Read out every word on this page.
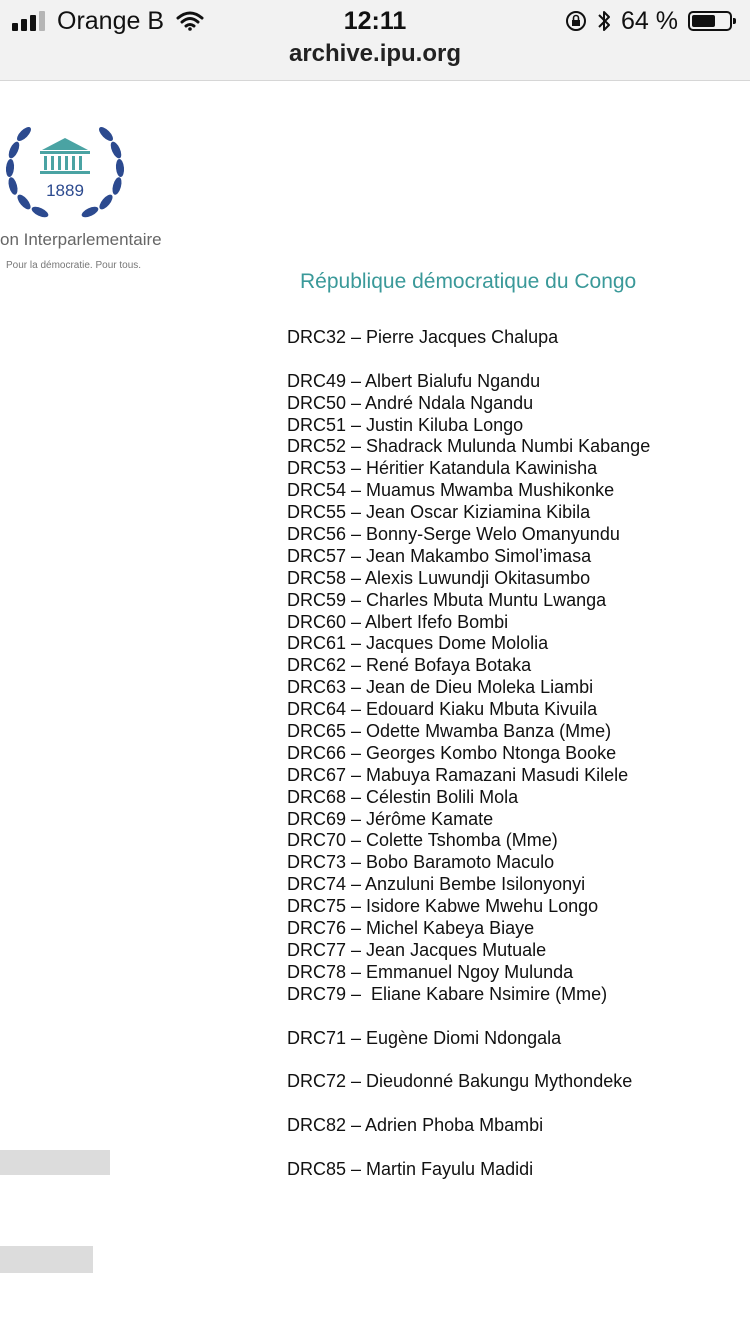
Orange B	12:11	64 %
archive.ipu.org
1889
on Interparlementaire
Pour la démocratie. Pour tous.
République démocratique du Congo
DRC32 – Pierre Jacques Chalupa
DRC49 – Albert Bialufu Ngandu
DRC50 – André Ndala Ngandu
DRC51 – Justin Kiluba Longo
DRC52 – Shadrack Mulunda Numbi Kabange
DRC53 – Héritier Katandula Kawinisha
DRC54 – Muamus Mwamba Mushikonke
DRC55 – Jean Oscar Kiziamina Kibila
DRC56 – Bonny-Serge Welo Omanyundu
DRC57 – Jean Makambo Simol’imasa
DRC58 – Alexis Luwundji Okitasumbo
DRC59 – Charles Mbuta Muntu Lwanga
DRC60 – Albert Ifefo Bombi
DRC61 – Jacques Dome Mololia
DRC62 – René Bofaya Botaka
DRC63 – Jean de Dieu Moleka Liambi
DRC64 – Edouard Kiaku Mbuta Kivuila
DRC65 – Odette Mwamba Banza (Mme)
DRC66 – Georges Kombo Ntonga Booke
DRC67 – Mabuya Ramazani Masudi Kilele
DRC68 – Célestin Bolili Mola
DRC69 – Jérôme Kamate
DRC70 – Colette Tshomba (Mme)
DRC73 – Bobo Baramoto Maculo
DRC74 – Anzuluni Bembe Isilonyonyi
DRC75 – Isidore Kabwe Mwehu Longo
DRC76 – Michel Kabeya Biaye
DRC77 – Jean Jacques Mutuale
DRC78 – Emmanuel Ngoy Mulunda
DRC79 –  Eliane Kabare Nsimire (Mme)
DRC71 – Eugène Diomi Ndongala
DRC72 – Dieudonné Bakungu Mythondeke
DRC82 – Adrien Phoba Mbambi
DRC85 – Martin Fayulu Madidi
